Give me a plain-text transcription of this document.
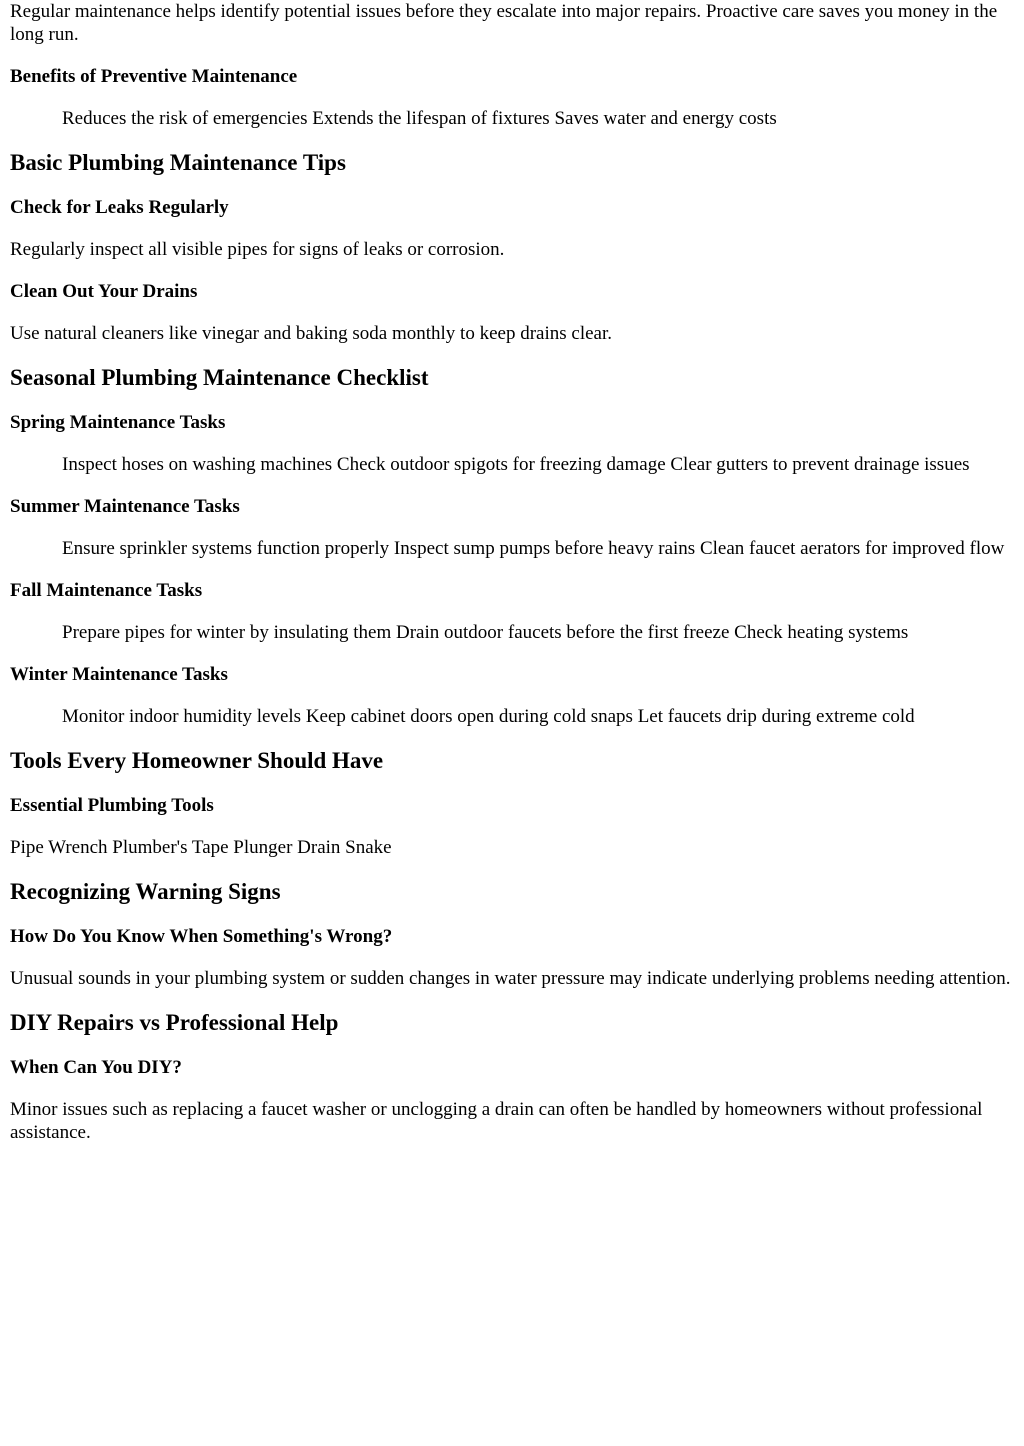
Regular maintenance helps identify potential issues before they escalate into major repairs. Proactive care saves you money in the long run.

Benefits of Preventive Maintenance
Reduces the risk of emergencies Extends the lifespan of fixtures Saves water and energy costs
Basic Plumbing Maintenance Tips
Check for Leaks Regularly

Regularly inspect all visible pipes for signs of leaks or corrosion.

Clean Out Your Drains

Use natural cleaners like vinegar and baking soda monthly to keep drains clear.

Seasonal Plumbing Maintenance Checklist
Spring Maintenance Tasks
Inspect hoses on washing machines Check outdoor spigots for freezing damage Clear gutters to prevent drainage issues
Summer Maintenance Tasks
Ensure sprinkler systems function properly Inspect sump pumps before heavy rains Clean faucet aerators for improved flow
Fall Maintenance Tasks
Prepare pipes for winter by insulating them Drain outdoor faucets before the first freeze Check heating systems
Winter Maintenance Tasks
Monitor indoor humidity levels Keep cabinet doors open during cold snaps Let faucets drip during extreme cold
Tools Every Homeowner Should Have
Essential Plumbing Tools

Pipe Wrench Plumber's Tape Plunger Drain Snake

Recognizing Warning Signs
How Do You Know When Something's Wrong?

Unusual sounds in your plumbing system or sudden changes in water pressure may indicate underlying problems needing attention.

DIY Repairs vs Professional Help
When Can You DIY?

Minor issues such as replacing a faucet washer or unclogging a drain can often be handled by homeowners without professional assistance.
